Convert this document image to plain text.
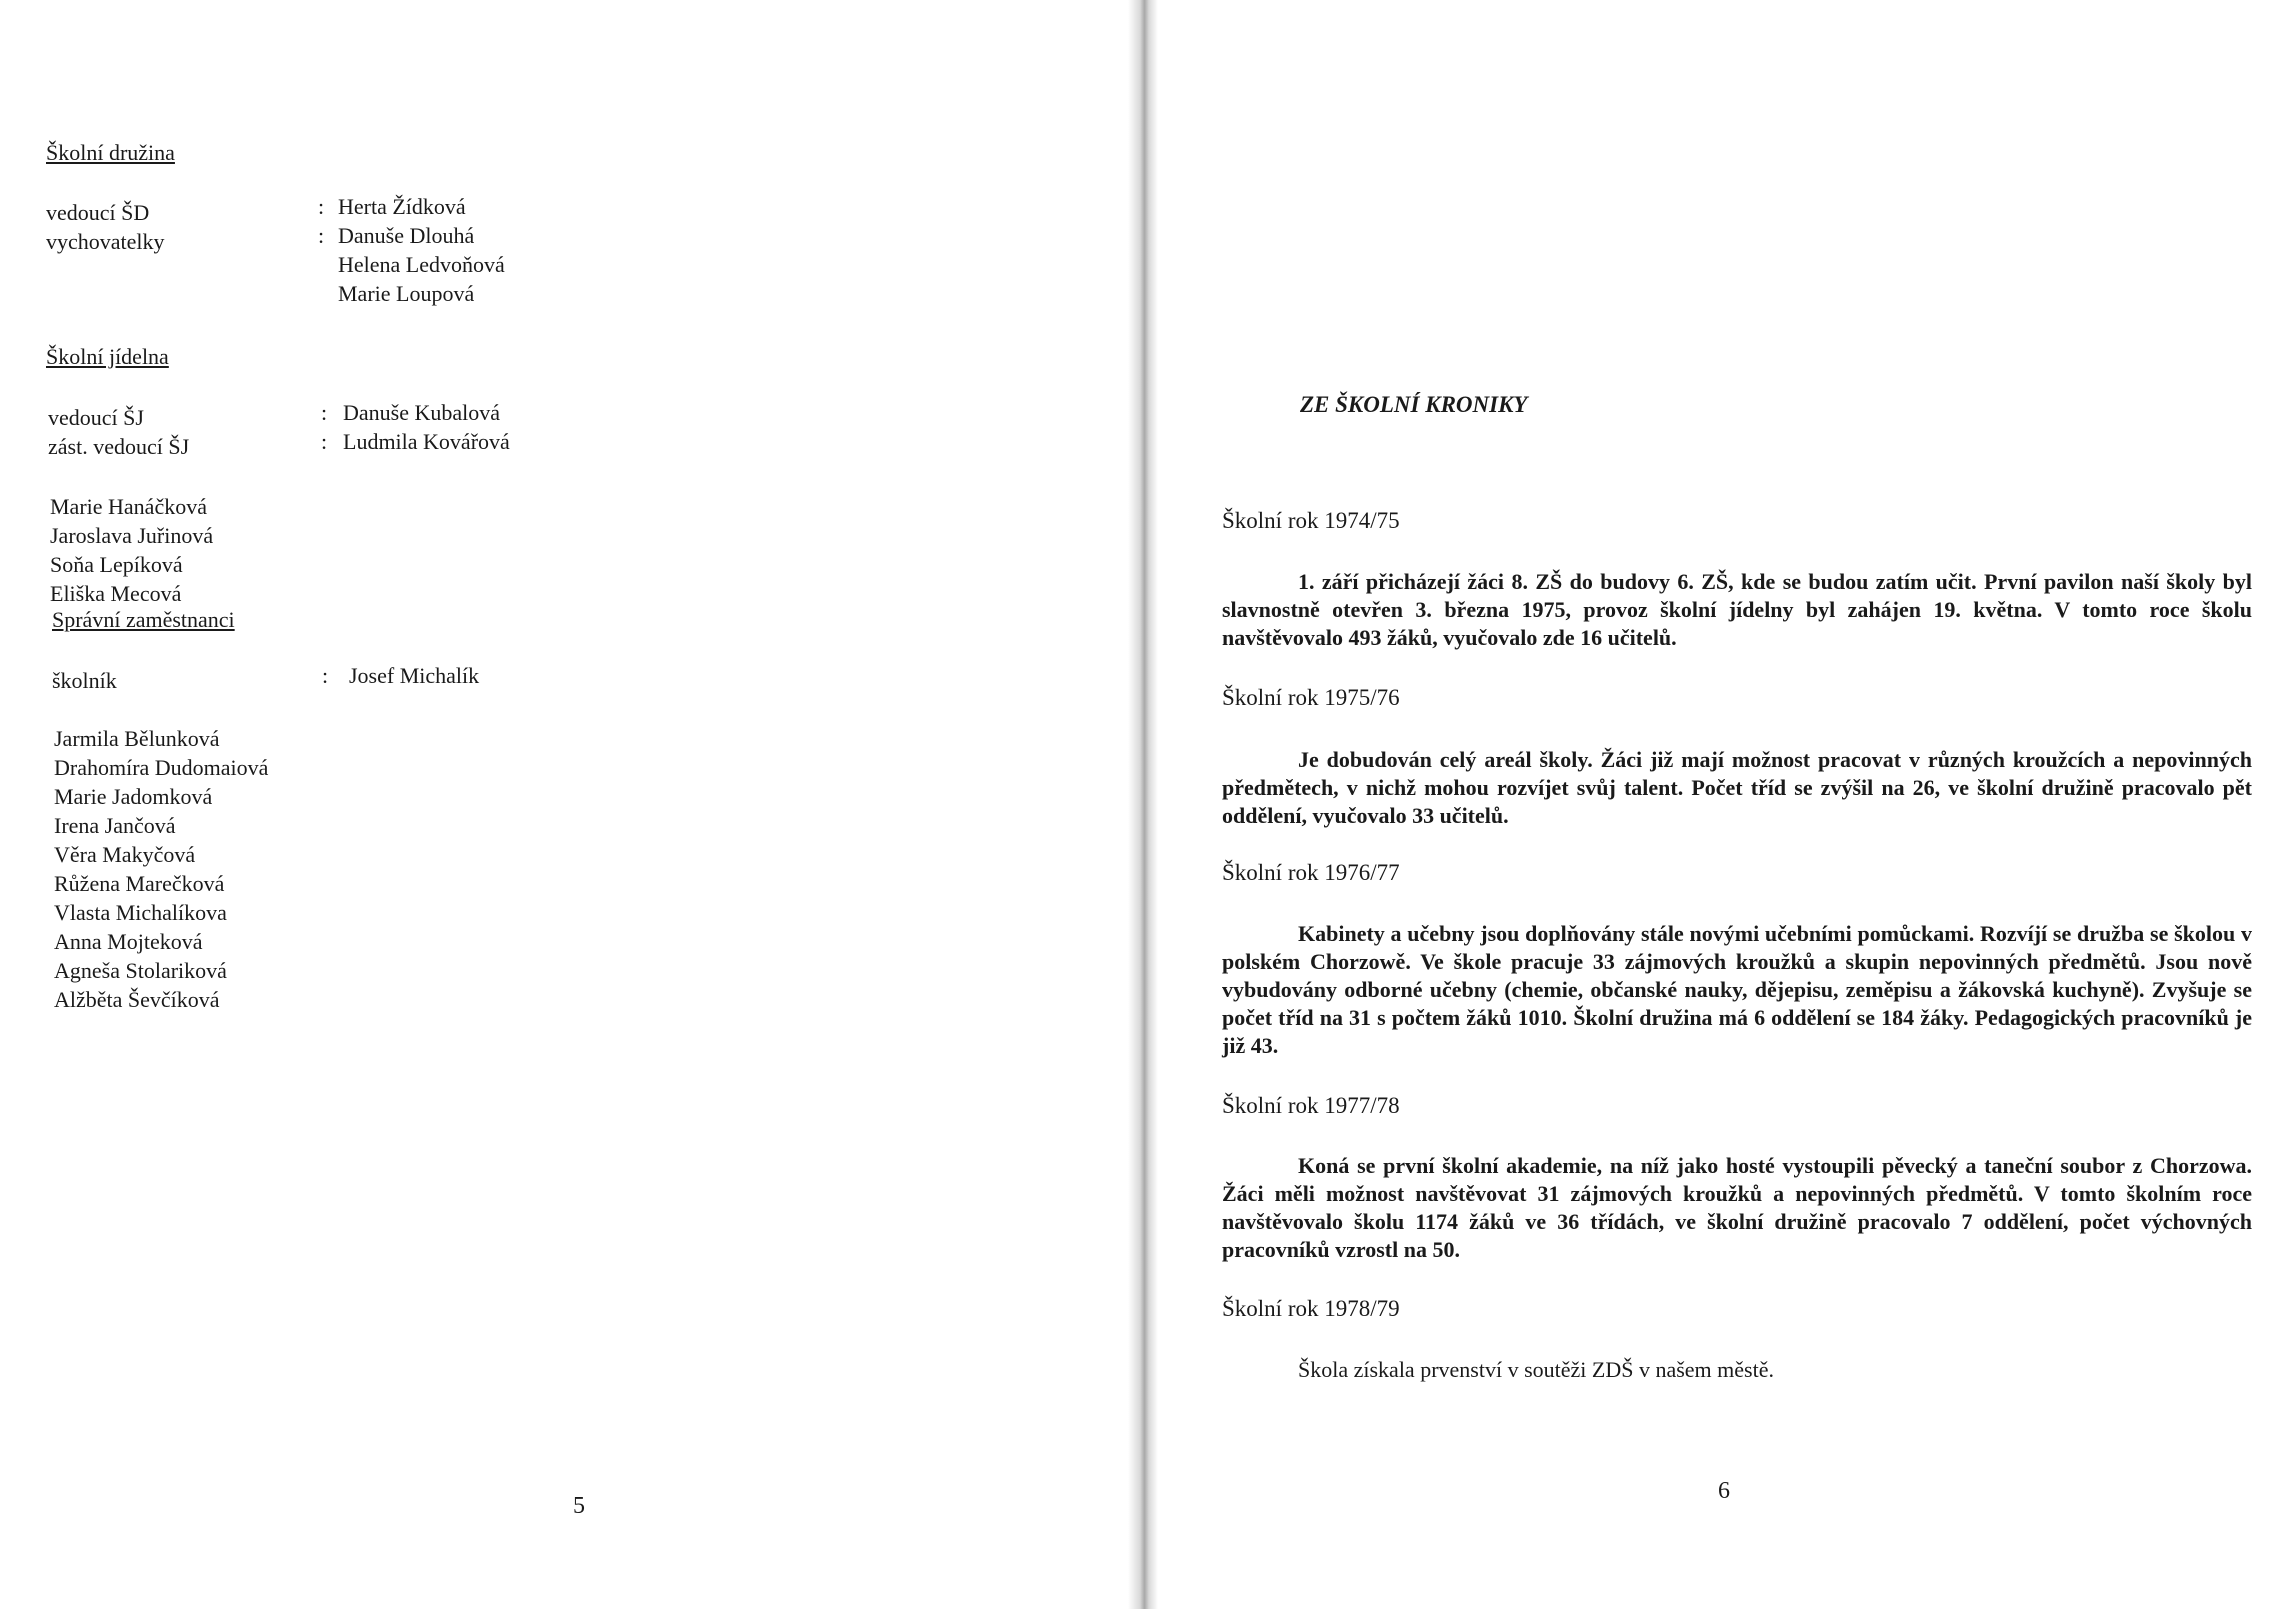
Školní družina
vedoucí ŠD
vychovatelky
:
:
Herta Žídková
Danuše Dlouhá
Helena Ledvoňová
Marie Loupová
Školní jídelna
vedoucí ŠJ
zást. vedoucí ŠJ
:
:
Danuše Kubalová
Ludmila Kovářová
Marie Hanáčková
Jaroslava Juřinová
Soňa Lepíková
Eliška Mecová
Správní zaměstnanci
školník	: Josef Michalík
Jarmila Bělunková
Drahomíra Dudomaiová
Marie Jadomková
Irena Jančová
Věra Makyčová
Růžena Marečková
Vlasta Michalíkova
Anna Mojteková
Agneša Stolariková
Alžběta Ševčíková
5
ZE ŠKOLNÍ KRONIKY
Školní rok 1974/75
1. září přicházejí žáci 8. ZŠ do budovy 6. ZŠ, kde se budou zatím učit. První pavilon naší školy byl slavnostně otevřen 3. března 1975, provoz školní jídelny byl zahájen 19. května. V tomto roce školu navštěvovalo 493 žáků, vyučovalo zde 16 učitelů.
Školní rok 1975/76
Je dobudován celý areál školy. Žáci již mají možnost pracovat v různých kroužcích a nepovinných předmětech, v nichž mohou rozvíjet svůj talent. Počet tříd se zvýšil na 26, ve školní družině pracovalo pět oddělení, vyučovalo 33 učitelů.
Školní rok 1976/77
Kabinety a učebny jsou doplňovány stále novými učebními pomůckami. Rozvíjí se družba se školou v polském Chorzowě. Ve škole pracuje 33 zájmových kroužků a skupin nepovinných předmětů. Jsou nově vybudovány odborné učebny (chemie, občanské nauky, dějepisu, zeměpisu a žákovská kuchyně). Zvyšuje se počet tříd na 31 s počtem žáků 1010. Školní družina má 6 oddělení se 184 žáky. Pedagogických pracovníků je již 43.
Školní rok 1977/78
Koná se první školní akademie, na níž jako hosté vystoupili pěvecký a taneční soubor z Chorzowa. Žáci měli možnost navštěvovat 31 zájmových kroužků a nepovinných předmětů. V tomto školním roce navštěvovalo školu 1174 žáků ve 36 třídách, ve školní družině pracovalo 7 oddělení, počet výchovných pracovníků vzrostl na 50.
Školní rok 1978/79
Škola získala prvenství v soutěži ZDŠ v našem městě.
6
